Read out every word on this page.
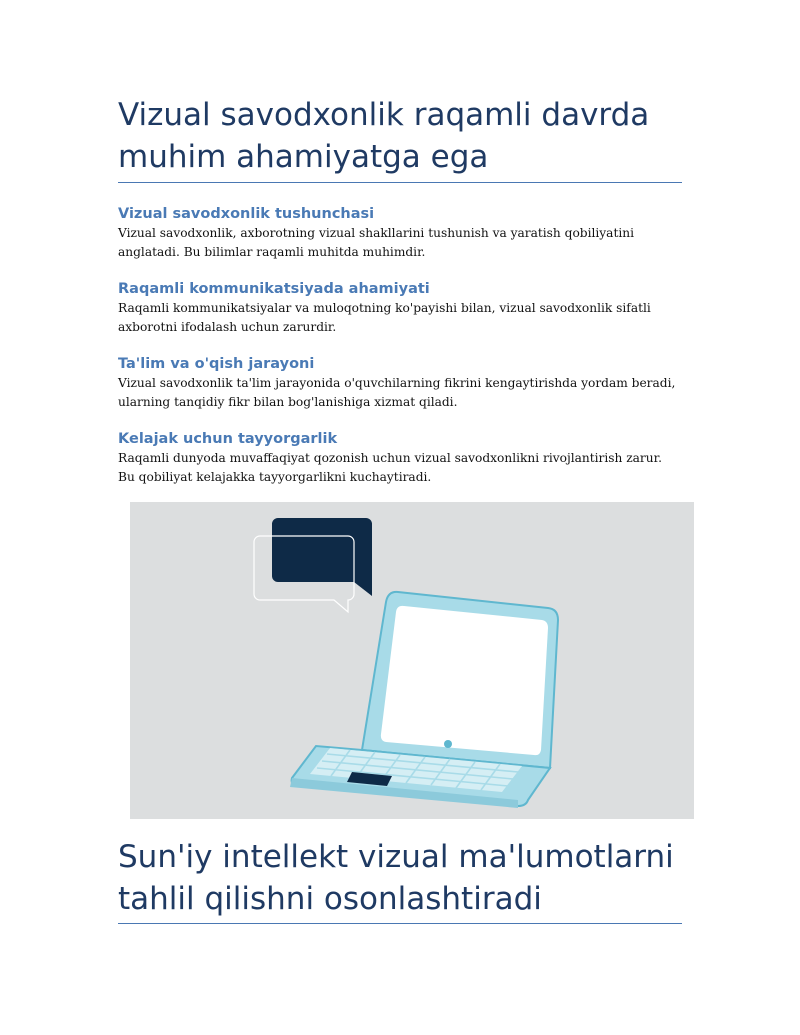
Vizual savodxonlik raqamli davrda muhim ahamiyatga ega
Vizual savodxonlik tushunchasi

Vizual savodxonlik, axborotning vizual shakllarini tushunish va yaratish qobiliyatini anglatadi. Bu bilimlar raqamli muhitda muhimdir.

Raqamli kommunikatsiyada ahamiyati

Raqamli kommunikatsiyalar va muloqotning ko'payishi bilan, vizual savodxonlik sifatli axborotni ifodalash uchun zarurdir.

Ta'lim va o'qish jarayoni

Vizual savodxonlik ta'lim jarayonida o'quvchilarning fikrini kengaytirishda yordam beradi, ularning tanqidiy fikr bilan bog'lanishiga xizmat qiladi.

Kelajak uchun tayyorgarlik

Raqamli dunyoda muvaffaqiyat qozonish uchun vizual savodxonlikni rivojlantirish zarur. Bu qobiliyat kelajakka tayyorgarlikni kuchaytiradi.

Sun'iy intellekt vizual ma'lumotlarni tahlil qilishni osonlashtiradi
